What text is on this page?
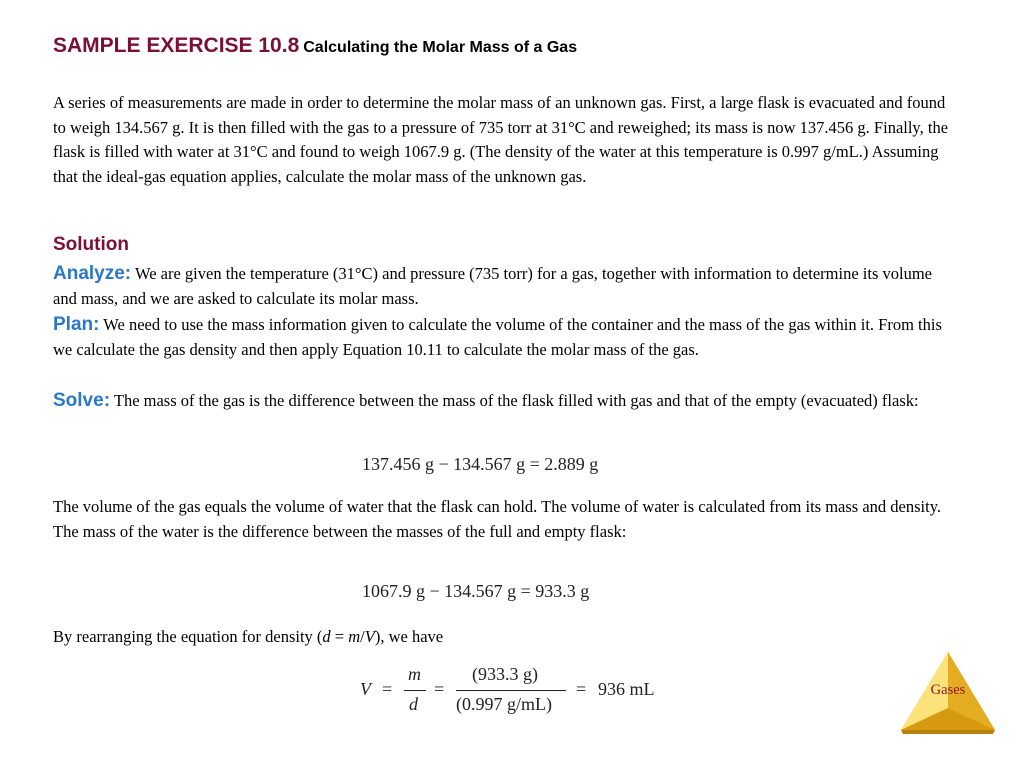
SAMPLE EXERCISE 10.8 Calculating the Molar Mass of a Gas
A series of measurements are made in order to determine the molar mass of an unknown gas. First, a large flask is evacuated and found to weigh 134.567 g. It is then filled with the gas to a pressure of 735 torr at 31°C and reweighed; its mass is now 137.456 g. Finally, the flask is filled with water at 31°C and found to weigh 1067.9 g. (The density of the water at this temperature is 0.997 g/mL.) Assuming that the ideal-gas equation applies, calculate the molar mass of the unknown gas.
Solution
Analyze: We are given the temperature (31°C) and pressure (735 torr) for a gas, together with information to determine its volume and mass, and we are asked to calculate its molar mass.
Plan: We need to use the mass information given to calculate the volume of the container and the mass of the gas within it. From this we calculate the gas density and then apply Equation 10.11 to calculate the molar mass of the gas.
Solve: The mass of the gas is the difference between the mass of the flask filled with gas and that of the empty (evacuated) flask:
137.456 g − 134.567 g = 2.889 g
The volume of the gas equals the volume of water that the flask can hold. The volume of water is calculated from its mass and density. The mass of the water is the difference between the masses of the full and empty flask:
1067.9 g − 134.567 g = 933.3 g
By rearranging the equation for density (d = m/V), we have
V =
m
d
=
(933.3 g)
(0.997 g/mL)
= 936 mL	Gases
